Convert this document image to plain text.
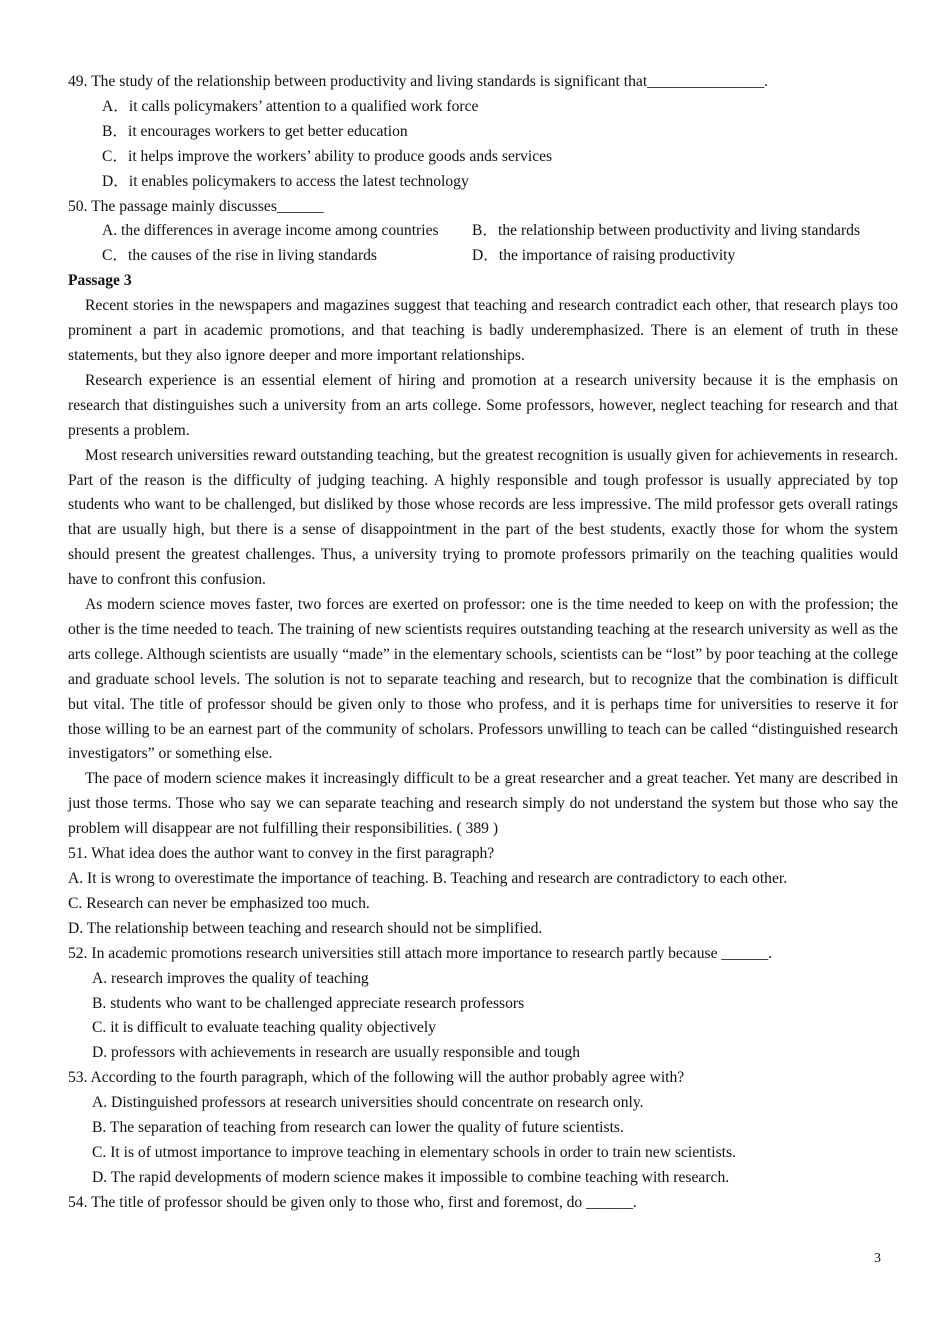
49. The study of the relationship between productivity and living standards is significant that_______________.
A．it calls policymakers’ attention to a qualified work force
B．it encourages workers to get better education
C．it helps improve the workers’ ability to produce goods ands services
D．it enables policymakers to access the latest technology
50. The passage mainly discusses______
A. the differences in average income among countries	B．the relationship between productivity and living standards
C．the causes of the rise in living standards	D．the importance of raising productivity
Passage 3
Recent stories in the newspapers and magazines suggest that teaching and research contradict each other, that research plays too prominent a part in academic promotions, and that teaching is badly underemphasized. There is an element of truth in these statements, but they also ignore deeper and more important relationships.
Research experience is an essential element of hiring and promotion at a research university because it is the emphasis on research that distinguishes such a university from an arts college. Some professors, however, neglect teaching for research and that presents a problem.
Most research universities reward outstanding teaching, but the greatest recognition is usually given for achievements in research. Part of the reason is the difficulty of judging teaching. A highly responsible and tough professor is usually appreciated by top students who want to be challenged, but disliked by those whose records are less impressive. The mild professor gets overall ratings that are usually high, but there is a sense of disappointment in the part of the best students, exactly those for whom the system should present the greatest challenges. Thus, a university trying to promote professors primarily on the teaching qualities would have to confront this confusion.
As modern science moves faster, two forces are exerted on professor: one is the time needed to keep on with the profession; the other is the time needed to teach. The training of new scientists requires outstanding teaching at the research university as well as the arts college. Although scientists are usually “made” in the elementary schools, scientists can be “lost” by poor teaching at the college and graduate school levels. The solution is not to separate teaching and research, but to recognize that the combination is difficult but vital. The title of professor should be given only to those who profess, and it is perhaps time for universities to reserve it for those willing to be an earnest part of the community of scholars. Professors unwilling to teach can be called “distinguished research investigators” or something else.
The pace of modern science makes it increasingly difficult to be a great researcher and a great teacher. Yet many are described in just those terms. Those who say we can separate teaching and research simply do not understand the system but those who say the problem will disappear are not fulfilling their responsibilities. ( 389 )
51. What idea does the author want to convey in the first paragraph?
A. It is wrong to overestimate the importance of teaching. B. Teaching and research are contradictory to each other.
C. Research can never be emphasized too much.
D. The relationship between teaching and research should not be simplified.
52. In academic promotions research universities still attach more importance to research partly because ______.
A. research improves the quality of teaching
B. students who want to be challenged appreciate research professors
C. it is difficult to evaluate teaching quality objectively
D. professors with achievements in research are usually responsible and tough
53. According to the fourth paragraph, which of the following will the author probably agree with?
A. Distinguished professors at research universities should concentrate on research only.
B. The separation of teaching from research can lower the quality of future scientists.
C. It is of utmost importance to improve teaching in elementary schools in order to train new scientists.
D. The rapid developments of modern science makes it impossible to combine teaching with research.
54. The title of professor should be given only to those who, first and foremost, do ______.
3
